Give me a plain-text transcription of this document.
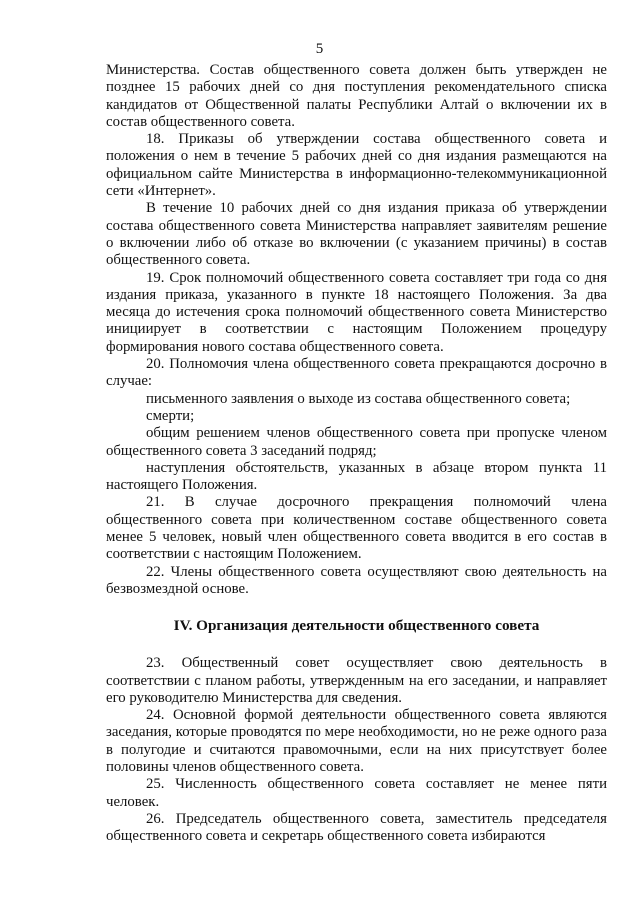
5

Министерства. Состав общественного совета должен быть утвержден не позднее 15 рабочих дней со дня поступления рекомендательного списка кандидатов от Общественной палаты Республики Алтай о включении их в состав общественного совета.

18. Приказы об утверждении состава общественного совета и положения о нем в течение 5 рабочих дней со дня издания размещаются на официальном сайте Министерства в информационно-телекоммуникационной сети «Интернет».

В течение 10 рабочих дней со дня издания приказа об утверждении состава общественного совета Министерства направляет заявителям решение о включении либо об отказе во включении (с указанием причины) в состав общественного совета.

19. Срок полномочий общественного совета составляет три года со дня издания приказа, указанного в пункте 18 настоящего Положения. За два месяца до истечения срока полномочий общественного совета Министерство инициирует в соответствии с настоящим Положением процедуру формирования нового состава общественного совета.

20. Полномочия члена общественного совета прекращаются досрочно в случае:

письменного заявления о выходе из состава общественного совета;

смерти;

общим решением членов общественного совета при пропуске членом общественного совета 3 заседаний подряд;

наступления обстоятельств, указанных в абзаце втором пункта 11 настоящего Положения.

21. В случае досрочного прекращения полномочий члена общественного совета при количественном составе общественного совета менее 5 человек, новый член общественного совета вводится в его состав в соответствии с настоящим Положением.

22. Члены общественного совета осуществляют свою деятельность на безвозмездной основе.

IV. Организация деятельности общественного совета

23. Общественный совет осуществляет свою деятельность в соответствии с планом работы, утвержденным на его заседании, и направляет его руководителю Министерства для сведения.

24. Основной формой деятельности общественного совета являются заседания, которые проводятся по мере необходимости, но не реже одного раза в полугодие и считаются правомочными, если на них присутствует более половины членов общественного совета.

25. Численность общественного совета составляет не менее пяти человек.

26. Председатель общественного совета, заместитель председателя общественного совета и секретарь общественного совета избираются
